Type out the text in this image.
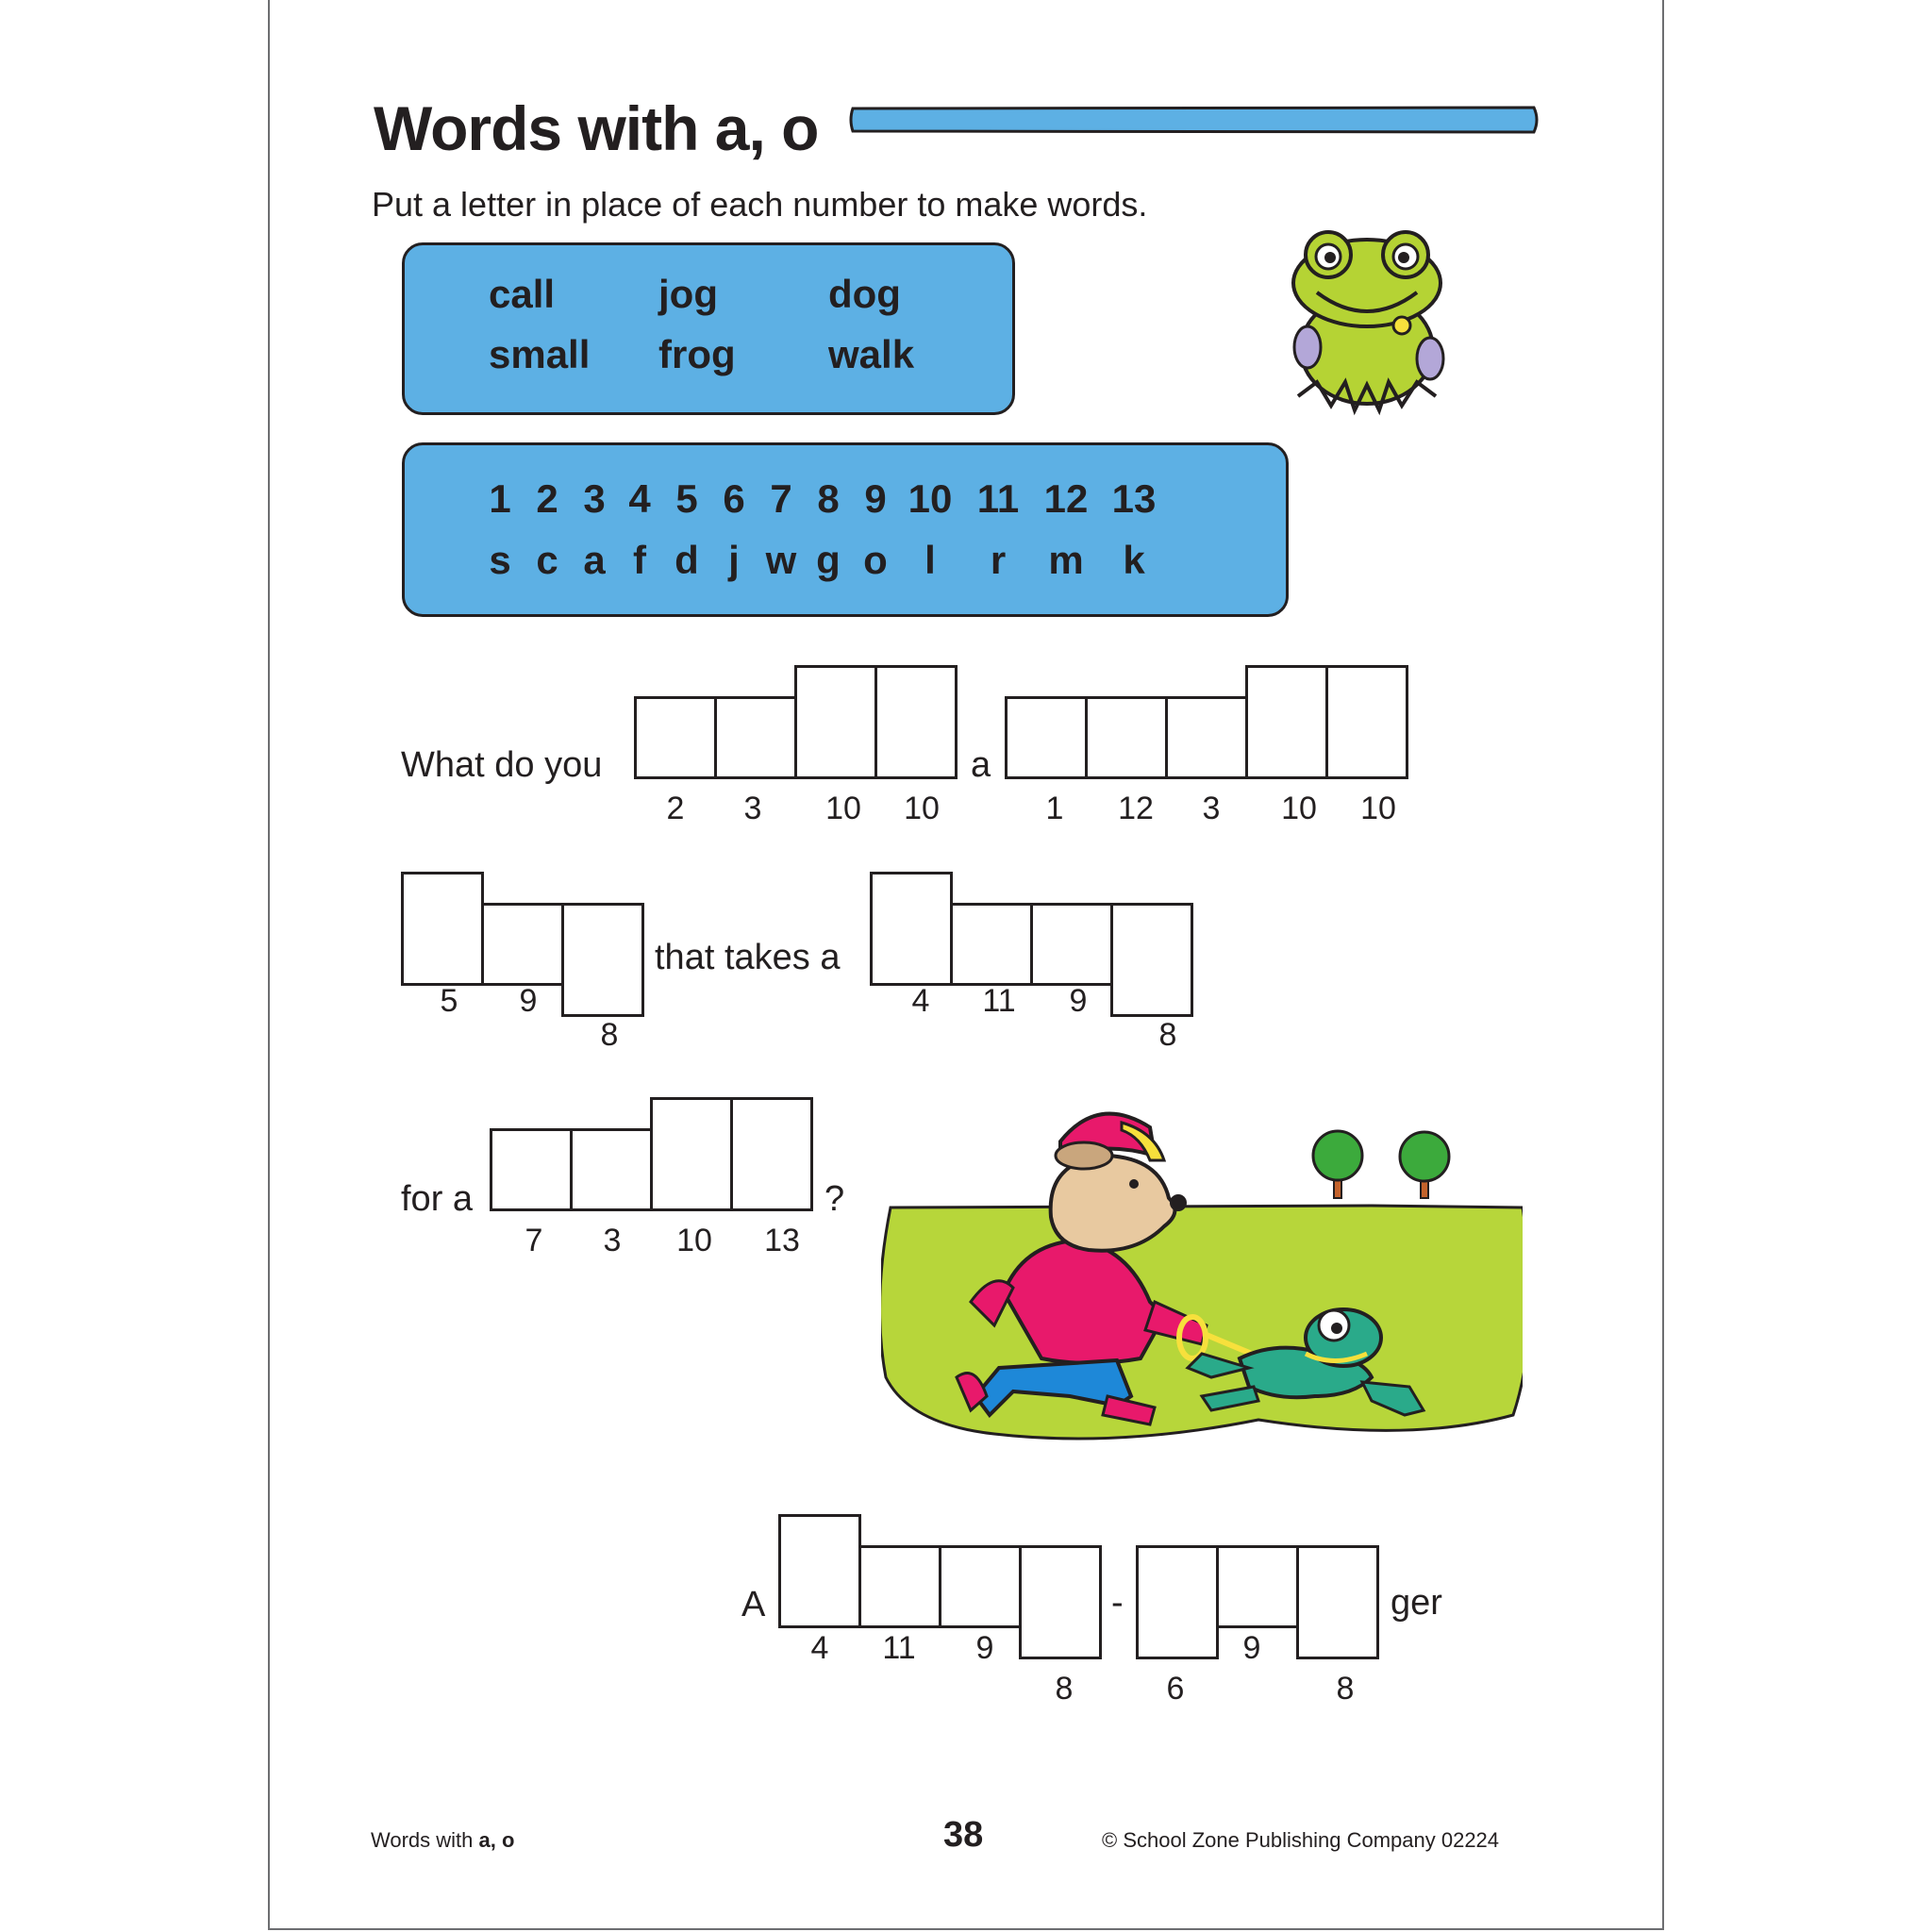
Words with a, o
Put a letter in place of each number to make words.
call	jog	dog
small frog walk
1 2 3 4 5 6 7 8 9 10 11 12 13
s c a f d j w g o l	r	m k
What do you
2	3	10	10
a
1	12	3	10	10
5	9
8
that takes a
4	11	9
8
for a
7	3	10	13
?
A
4	11	9
8
-
6
9
8
ger
Words with a, o	38	© School Zone Publishing Company 02224
